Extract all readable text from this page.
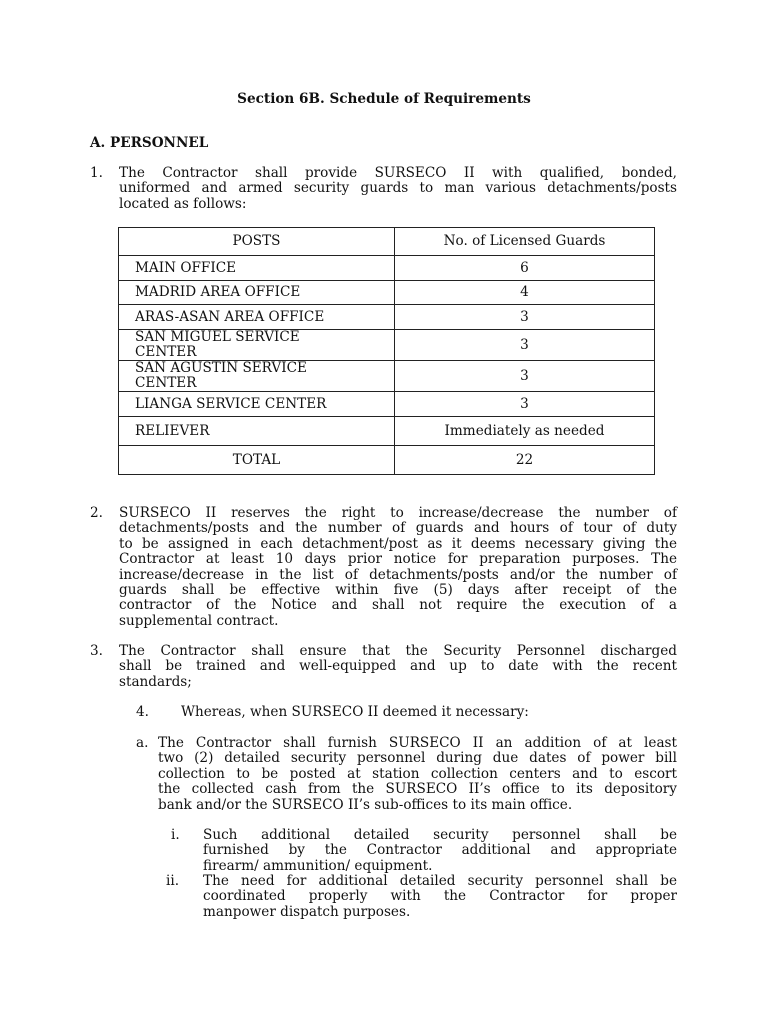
Section 6B. Schedule of Requirements
A. PERSONNEL
1. The Contractor shall provide SURSECO II with qualified, bonded,
uniformed and armed security guards to man various detachments/posts
located as follows:
POSTS	No. of Licensed Guards
MAIN OFFICE	6
MADRID AREA OFFICE	4
ARAS-ASAN AREA OFFICE	3
SAN MIGUEL SERVICE CENTER	3
SAN AGUSTIN SERVICE CENTER	3
LIANGA SERVICE CENTER	3
RELIEVER	Immediately as needed
TOTAL	22
2. SURSECO II reserves the right to increase/decrease the number of
detachments/posts and the number of guards and hours of tour of duty
to be assigned in each detachment/post as it deems necessary giving the
Contractor at least 10 days prior notice for preparation purposes. The
increase/decrease in the list of detachments/posts and/or the number of
guards shall be effective within five (5) days after receipt of the
contractor of the Notice and shall not require the execution of a
supplemental contract.
3. The Contractor shall ensure that the Security Personnel discharged
shall be trained and well-equipped and up to date with the recent
standards;
4. Whereas, when SURSECO II deemed it necessary:
a. The Contractor shall furnish SURSECO II an addition of at least
two (2) detailed security personnel during due dates of power bill
collection to be posted at station collection centers and to escort
the collected cash from the SURSECO II’s office to its depository
bank and/or the SURSECO II’s sub-offices to its main office.
i. Such additional detailed security personnel shall be
furnished by the Contractor additional and appropriate
firearm/ ammunition/ equipment.
ii. The need for additional detailed security personnel shall be
coordinated properly with the Contractor for proper
manpower dispatch purposes.
